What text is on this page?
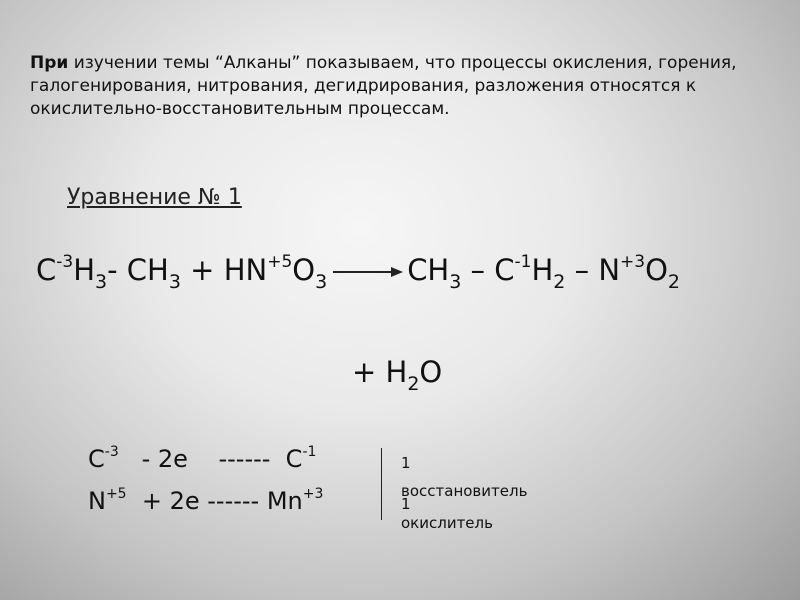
При изучении темы “Алканы” показываем, что процессы окисления, горения, галогенирования, нитрования, дегидрирования, разложения относятся к окислительно-восстановительным процессам.
Уравнение № 1
$C^{-3}H_3-$ $CH_3 + HN^{+5}O_3 \to CH_3 - C^{-1}H_2 - N^{+3}O_2$
+ $H_2O$
$C^{-3} - 2e$    ------  $C^{-1}$
$N^{+5} + 2e$ ------ $Mn^{+3}$
1
восстановитель
1
окислитель
